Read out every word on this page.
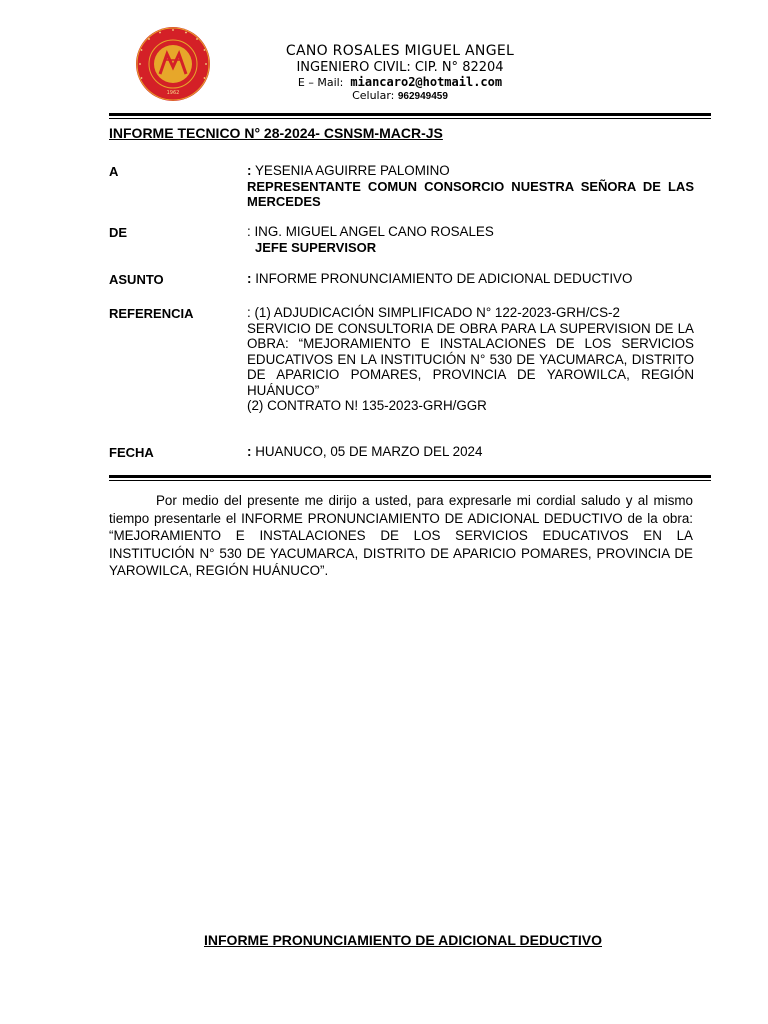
1962
CANO ROSALES MIGUEL ANGEL
INGENIERO CIVIL: CIP. N° 82204
E – Mail: miancaro2@hotmail.com
Celular: 962949459
INFORME TECNICO N° 28-2024- CSNSM-MACR-JS
A	: YESENIA AGUIRRE PALOMINO
REPRESENTANTE COMUN CONSORCIO NUESTRA SEÑORA DE LAS MERCEDES
DE	: ING. MIGUEL ANGEL CANO ROSALES
JEFE SUPERVISOR
ASUNTO	: INFORME PRONUNCIAMIENTO DE ADICIONAL DEDUCTIVO
REFERENCIA	: (1) ADJUDICACIÓN SIMPLIFICADO N° 122-2023-GRH/CS-2
SERVICIO DE CONSULTORIA DE OBRA PARA LA SUPERVISION DE LA OBRA: “MEJORAMIENTO E INSTALACIONES DE LOS SERVICIOS EDUCATIVOS EN LA INSTITUCIÓN N° 530 DE YACUMARCA, DISTRITO DE APARICIO POMARES, PROVINCIA DE YAROWILCA, REGIÓN HUÁNUCO”
(2) CONTRATO N! 135-2023-GRH/GGR
FECHA	: HUANUCO, 05 DE MARZO DEL 2024
Por medio del presente me dirijo a usted, para expresarle mi cordial saludo y al mismo tiempo presentarle el INFORME PRONUNCIAMIENTO DE ADICIONAL DEDUCTIVO de la obra: “MEJORAMIENTO E INSTALACIONES DE LOS SERVICIOS EDUCATIVOS EN LA INSTITUCIÓN N° 530 DE YACUMARCA, DISTRITO DE APARICIO POMARES, PROVINCIA DE YAROWILCA, REGIÓN HUÁNUCO”.
INFORME PRONUNCIAMIENTO DE ADICIONAL DEDUCTIVO
